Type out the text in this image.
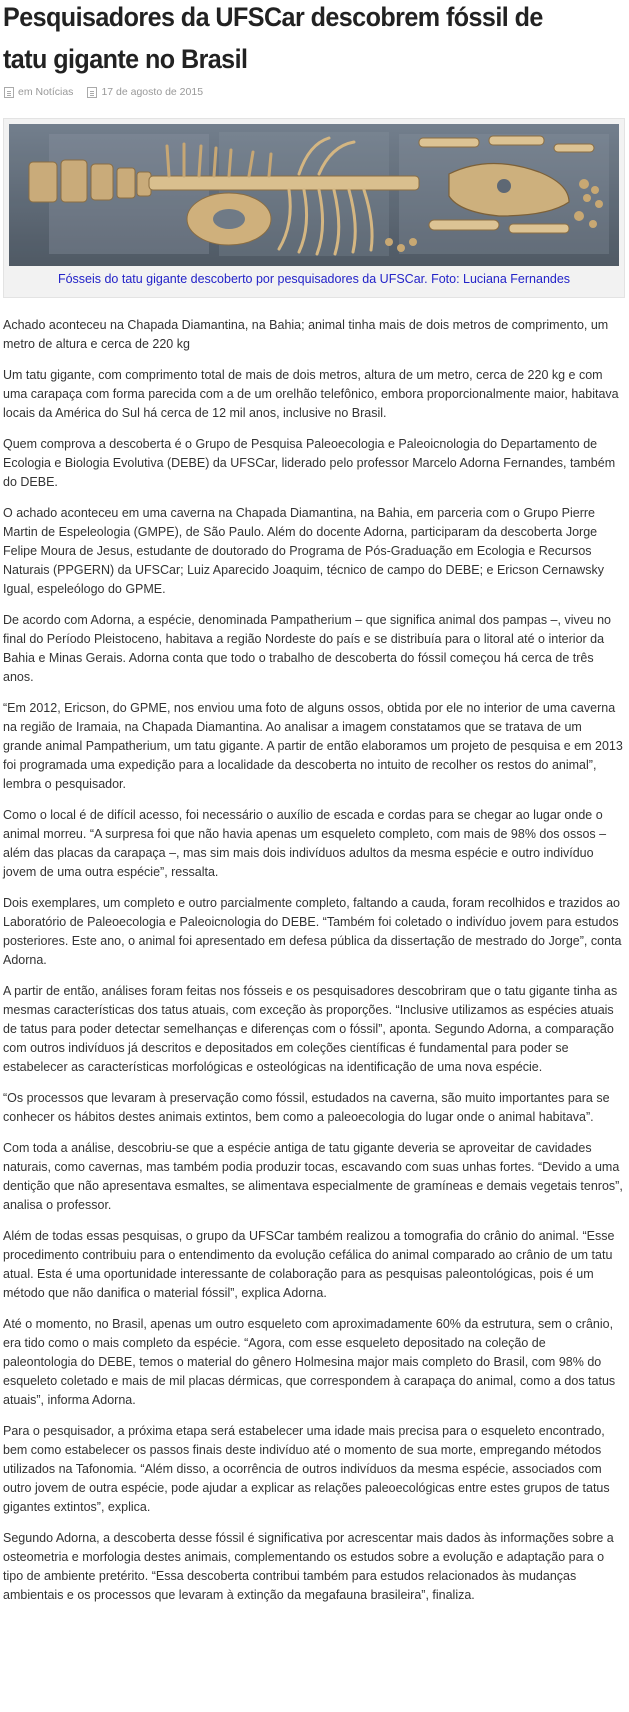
Pesquisadores da UFSCar descobrem fóssil de tatu gigante no Brasil
em Notícias	17 de agosto de 2015
Fósseis do tatu gigante descoberto por pesquisadores da UFSCar. Foto: Luciana Fernandes

Achado aconteceu na Chapada Diamantina, na Bahia; animal tinha mais de dois metros de comprimento, um metro de altura e cerca de 220 kg

Um tatu gigante, com comprimento total de mais de dois metros, altura de um metro, cerca de 220 kg e com uma carapaça com forma parecida com a de um orelhão telefônico, embora proporcionalmente maior, habitava locais da América do Sul há cerca de 12 mil anos, inclusive no Brasil.

Quem comprova a descoberta é o Grupo de Pesquisa Paleoecologia e Paleoicnologia do Departamento de Ecologia e Biologia Evolutiva (DEBE) da UFSCar, liderado pelo professor Marcelo Adorna Fernandes, também do DEBE.

O achado aconteceu em uma caverna na Chapada Diamantina, na Bahia, em parceria com o Grupo Pierre Martin de Espeleologia (GMPE), de São Paulo. Além do docente Adorna, participaram da descoberta Jorge Felipe Moura de Jesus, estudante de doutorado do Programa de Pós-Graduação em Ecologia e Recursos Naturais (PPGERN) da UFSCar; Luiz Aparecido Joaquim, técnico de campo do DEBE; e Ericson Cernawsky Igual, espeleólogo do GPME.

De acordo com Adorna, a espécie, denominada Pampatherium – que significa animal dos pampas –, viveu no final do Período Pleistoceno, habitava a região Nordeste do país e se distribuía para o litoral até o interior da Bahia e Minas Gerais. Adorna conta que todo o trabalho de descoberta do fóssil começou há cerca de três anos.

“Em 2012, Ericson, do GPME, nos enviou uma foto de alguns ossos, obtida por ele no interior de uma caverna na região de Iramaia, na Chapada Diamantina. Ao analisar a imagem constatamos que se tratava de um grande animal Pampatherium, um tatu gigante. A partir de então elaboramos um projeto de pesquisa e em 2013 foi programada uma expedição para a localidade da descoberta no intuito de recolher os restos do animal”, lembra o pesquisador.

Como o local é de difícil acesso, foi necessário o auxílio de escada e cordas para se chegar ao lugar onde o animal morreu. “A surpresa foi que não havia apenas um esqueleto completo, com mais de 98% dos ossos – além das placas da carapaça –, mas sim mais dois indivíduos adultos da mesma espécie e outro indivíduo jovem de uma outra espécie”, ressalta.

Dois exemplares, um completo e outro parcialmente completo, faltando a cauda, foram recolhidos e trazidos ao Laboratório de Paleoecologia e Paleoicnologia do DEBE. “Também foi coletado o indivíduo jovem para estudos posteriores. Este ano, o animal foi apresentado em defesa pública da dissertação de mestrado do Jorge”, conta Adorna.

A partir de então, análises foram feitas nos fósseis e os pesquisadores descobriram que o tatu gigante tinha as mesmas características dos tatus atuais, com exceção às proporções. “Inclusive utilizamos as espécies atuais de tatus para poder detectar semelhanças e diferenças com o fóssil”, aponta. Segundo Adorna, a comparação com outros indivíduos já descritos e depositados em coleções científicas é fundamental para poder se estabelecer as características morfológicas e osteológicas na identificação de uma nova espécie.

“Os processos que levaram à preservação como fóssil, estudados na caverna, são muito importantes para se conhecer os hábitos destes animais extintos, bem como a paleoecologia do lugar onde o animal habitava”.

Com toda a análise, descobriu-se que a espécie antiga de tatu gigante deveria se aproveitar de cavidades naturais, como cavernas, mas também podia produzir tocas, escavando com suas unhas fortes. “Devido a uma dentição que não apresentava esmaltes, se alimentava especialmente de gramíneas e demais vegetais tenros”, analisa o professor.

Além de todas essas pesquisas, o grupo da UFSCar também realizou a tomografia do crânio do animal. “Esse procedimento contribuiu para o entendimento da evolução cefálica do animal comparado ao crânio de um tatu atual. Esta é uma oportunidade interessante de colaboração para as pesquisas paleontológicas, pois é um método que não danifica o material fóssil”, explica Adorna.

Até o momento, no Brasil, apenas um outro esqueleto com aproximadamente 60% da estrutura, sem o crânio, era tido como o mais completo da espécie. “Agora, com esse esqueleto depositado na coleção de paleontologia do DEBE, temos o material do gênero Holmesina major mais completo do Brasil, com 98% do esqueleto coletado e mais de mil placas dérmicas, que correspondem à carapaça do animal, como a dos tatus atuais”, informa Adorna.

Para o pesquisador, a próxima etapa será estabelecer uma idade mais precisa para o esqueleto encontrado, bem como estabelecer os passos finais deste indivíduo até o momento de sua morte, empregando métodos utilizados na Tafonomia. “Além disso, a ocorrência de outros indivíduos da mesma espécie, associados com outro jovem de outra espécie, pode ajudar a explicar as relações paleoecológicas entre estes grupos de tatus gigantes extintos”, explica.

Segundo Adorna, a descoberta desse fóssil é significativa por acrescentar mais dados às informações sobre a osteometria e morfologia destes animais, complementando os estudos sobre a evolução e adaptação para o tipo de ambiente pretérito. “Essa descoberta contribui também para estudos relacionados às mudanças ambientais e os processos que levaram à extinção da megafauna brasileira”, finaliza.
